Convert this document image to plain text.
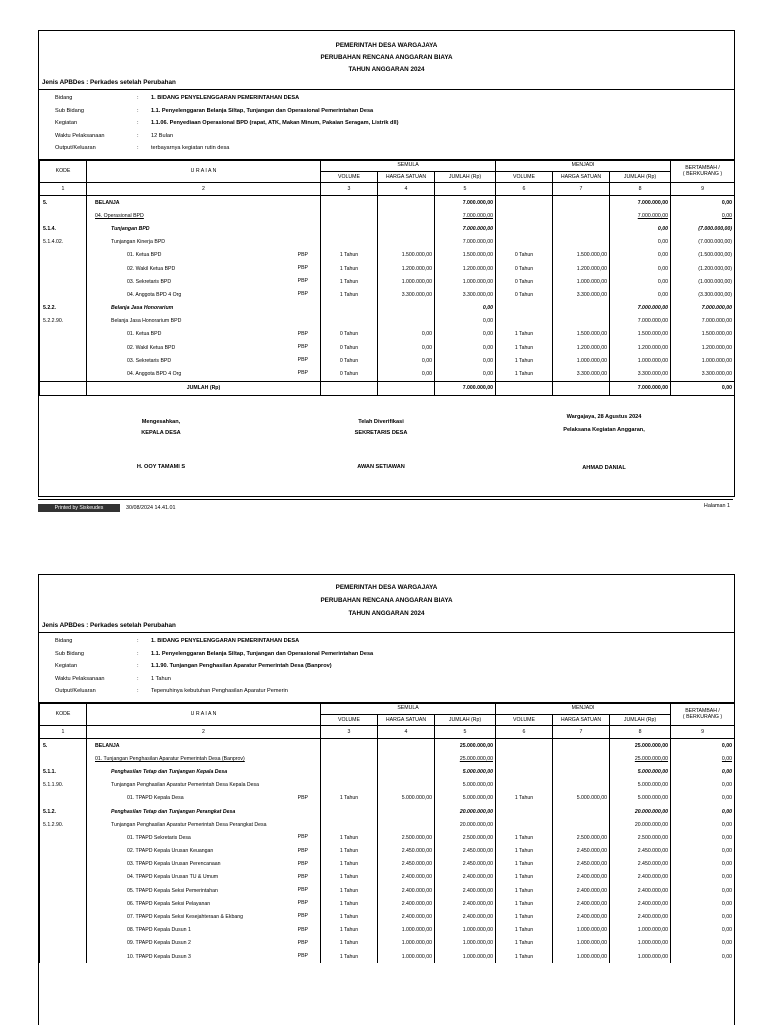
PEMERINTAH DESA WARGAJAYA
PERUBAHAN RENCANA ANGGARAN BIAYA
TAHUN ANGGARAN 2024
Jenis APBDes : Perkades setelah Perubahan
Bidang	: 1. BIDANG PENYELENGGARAN PEMERINTAHAN DESA
Sub Bidang	: 1.1. Penyelenggaran Belanja Siltap, Tunjangan dan Operasional Pemerintahan Desa
Kegiatan	: 1.1.06. Penyediaan Operasional BPD (rapat, ATK, Makan Minum, Pakaian Seragam, Listrik dll)
Waktu Pelaksanaan	: 12 Bulan
Output/Keluaran	: terbayarnya kegiatan rutin desa
KODE	U R A I A N	SEMULA			MENJADI			BERTAMBAH /
( BERKURANG )

		VOLUME	HARGA SATUAN	JUMLAH (Rp)	VOLUME	HARGA SATUAN	JUMLAH (Rp)	
1	2	3	4	5	6	7	8	9
5.	BELANJA			7.000.000,00			7.000.000,00	0,00
	04. Operasional BPD			7.000.000,00			7.000.000,00	0,00
5.1.4.	Tunjangan BPD			7.000.000,00			0,00	(7.000.000,00)
5.1.4.02.	Tunjangan Kinerja BPD			7.000.000,00			0,00	(7.000.000,00)
	01. Ketua BPD PBP	1 Tahun	1.500.000,00	1.500.000,00	0 Tahun	1.500.000,00	0,00	(1.500.000,00)
	02. Wakil Ketua BPD PBP	1 Tahun	1.200.000,00	1.200.000,00	0 Tahun	1.200.000,00	0,00	(1.200.000,00)
	03. Sekretaris BPD PBP	1 Tahun	1.000.000,00	1.000.000,00	0 Tahun	1.000.000,00	0,00	(1.000.000,00)
	04. Anggota BPD 4 Org PBP	1 Tahun	3.300.000,00	3.300.000,00	0 Tahun	3.300.000,00	0,00	(3.300.000,00)
5.2.2.	Belanja Jasa Honorarium			0,00			7.000.000,00	7.000.000,00
5.2.2.90.	Belanja Jasa Honorarium BPD			0,00			7.000.000,00	7.000.000,00
	01. Ketua BPD PBP	0 Tahun	0,00	0,00	1 Tahun	1.500.000,00	1.500.000,00	1.500.000,00
	02. Wakil Ketua BPD PBP	0 Tahun	0,00	0,00	1 Tahun	1.200.000,00	1.200.000,00	1.200.000,00
	03. Sekretaris BPD PBP	0 Tahun	0,00	0,00	1 Tahun	1.000.000,00	1.000.000,00	1.000.000,00
	04. Anggota BPD 4 Org PBP	0 Tahun	0,00	0,00	1 Tahun	3.300.000,00	3.300.000,00	3.300.000,00
	JUMLAH (Rp)			7.000.000,00			7.000.000,00	0,00
Mengesahkan,
KEPALA DESA
H. OOY TAMAMI S
Telah Diverifikasi
SEKRETARIS DESA
AWAN SETIAWAN
Wargajaya, 28 Agustus 2024
Pelaksana Kegiatan Anggaran,
AHMAD DANIAL
Printed by Siskeudes	30/08/2024 14.41.01	Halaman 1
PEMERINTAH DESA WARGAJAYA
PERUBAHAN RENCANA ANGGARAN BIAYA
TAHUN ANGGARAN 2024
Jenis APBDes : Perkades setelah Perubahan
Bidang	: 1. BIDANG PENYELENGGARAN PEMERINTAHAN DESA
Sub Bidang	: 1.1. Penyelenggaran Belanja Siltap, Tunjangan dan Operasional Pemerintahan Desa
Kegiatan	: 1.1.90. Tunjangan Penghasilan Aparatur Pemerintah Desa (Banprov)
Waktu Pelaksanaan	: 1 Tahun
Output/Keluaran	: Tepenuhinya kebutuhan Penghasilan Aparatur Pemerin
KODE	U R A I A N	SEMULA			MENJADI			BERTAMBAH /
( BERKURANG )

		VOLUME	HARGA SATUAN	JUMLAH (Rp)	VOLUME	HARGA SATUAN	JUMLAH (Rp)	
1	2	3	4	5	6	7	8	9
5.	BELANJA			25.000.000,00			25.000.000,00	0,00
	01. Tunjangan Penghasilan Aparatur Pemerintah Desa (Banprov)			25.000.000,00			25.000.000,00	0,00
5.1.1.	Penghasilan Tetap dan Tunjangan Kepala Desa			5.000.000,00			5.000.000,00	0,00
5.1.1.90.	Tunjangan Penghasilan Aparatur Pemerintah Desa Kepala Desa			5.000.000,00			5.000.000,00	0,00
	01. TPAPD Kepala Desa PBP	1 Tahun	5.000.000,00	5.000.000,00	1 Tahun	5.000.000,00	5.000.000,00	0,00
5.1.2.	Penghasilan Tetap dan Tunjangan Perangkat Desa			20.000.000,00			20.000.000,00	0,00
5.1.2.90.	Tunjangan Penghasilan Aparatur Pemerintah Desa Perangkat Desa			20.000.000,00			20.000.000,00	0,00
	01. TPAPD Sekretaris Desa PBP	1 Tahun	2.500.000,00	2.500.000,00	1 Tahun	2.500.000,00	2.500.000,00	0,00
	02. TPAPD Kepala Urusan Keuangan PBP	1 Tahun	2.450.000,00	2.450.000,00	1 Tahun	2.450.000,00	2.450.000,00	0,00
	03. TPAPD Kepala Urusan Perencanaan PBP	1 Tahun	2.450.000,00	2.450.000,00	1 Tahun	2.450.000,00	2.450.000,00	0,00
	04. TPAPD Kepala Urusan TU & Umum PBP	1 Tahun	2.400.000,00	2.400.000,00	1 Tahun	2.400.000,00	2.400.000,00	0,00
	05. TPAPD Kepala Seksi Pemerintahan PBP	1 Tahun	2.400.000,00	2.400.000,00	1 Tahun	2.400.000,00	2.400.000,00	0,00
	06. TPAPD Kepala Seksi Pelayanan PBP	1 Tahun	2.400.000,00	2.400.000,00	1 Tahun	2.400.000,00	2.400.000,00	0,00
	07. TPAPD Kepala Seksi Kesejahteraan & Ekbang PBP	1 Tahun	2.400.000,00	2.400.000,00	1 Tahun	2.400.000,00	2.400.000,00	0,00
	08. TPAPD Kepala Dusun 1 PBP	1 Tahun	1.000.000,00	1.000.000,00	1 Tahun	1.000.000,00	1.000.000,00	0,00
	09. TPAPD Kepala Dusun 2 PBP	1 Tahun	1.000.000,00	1.000.000,00	1 Tahun	1.000.000,00	1.000.000,00	0,00
	10. TPAPD Kepala Dusun 3 PBP	1 Tahun	1.000.000,00	1.000.000,00	1 Tahun	1.000.000,00	1.000.000,00	0,00
